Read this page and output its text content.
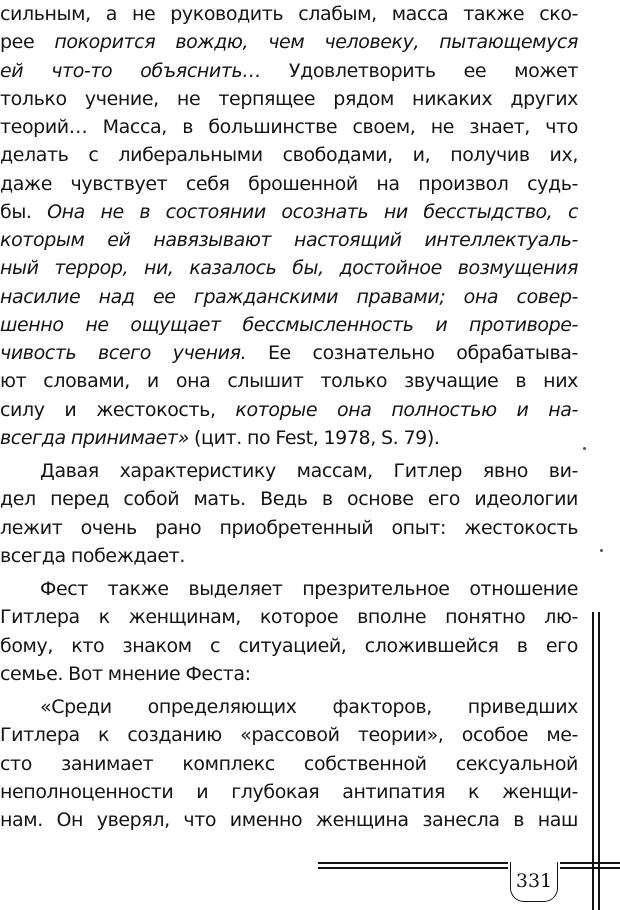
сильным, а не руководить слабым, масса также ско-
рее покорится вождю, чем человеку, пытающемуся
ей что-то объяснить… Удовлетворить ее может
только учение, не терпящее рядом никаких других
теорий… Масса, в большинстве своем, не знает, что
делать с либеральными свободами, и, получив их,
даже чувствует себя брошенной на произвол судь-
бы. Она не в состоянии осознать ни бесстыдство, с
которым ей навязывают настоящий интеллектуаль-
ный террор, ни, казалось бы, достойное возмущения
насилие над ее гражданскими правами; она совер-
шенно не ощущает бессмысленность и противоре-
чивость всего учения. Ее сознательно обрабатыва-
ют словами, и она слышит только звучащие в них
силу и жестокость, которые она полностью и на-
всегда принимает» (цит. по Fest, 1978, S. 79).
Давая характеристику массам, Гитлер явно ви-
дел перед собой мать. Ведь в основе его идеологии
лежит очень рано приобретенный опыт: жестокость
всегда побеждает.
Фест также выделяет презрительное отношение
Гитлера к женщинам, которое вполне понятно лю-
бому, кто знаком с ситуацией, сложившейся в его
семье. Вот мнение Феста:
«Среди определяющих факторов, приведших
Гитлера к созданию «рассовой теории», особое ме-
сто занимает комплекс собственной сексуальной
неполноценности и глубокая антипатия к женщи-
нам. Он уверял, что именно женщина занесла в наш
331
